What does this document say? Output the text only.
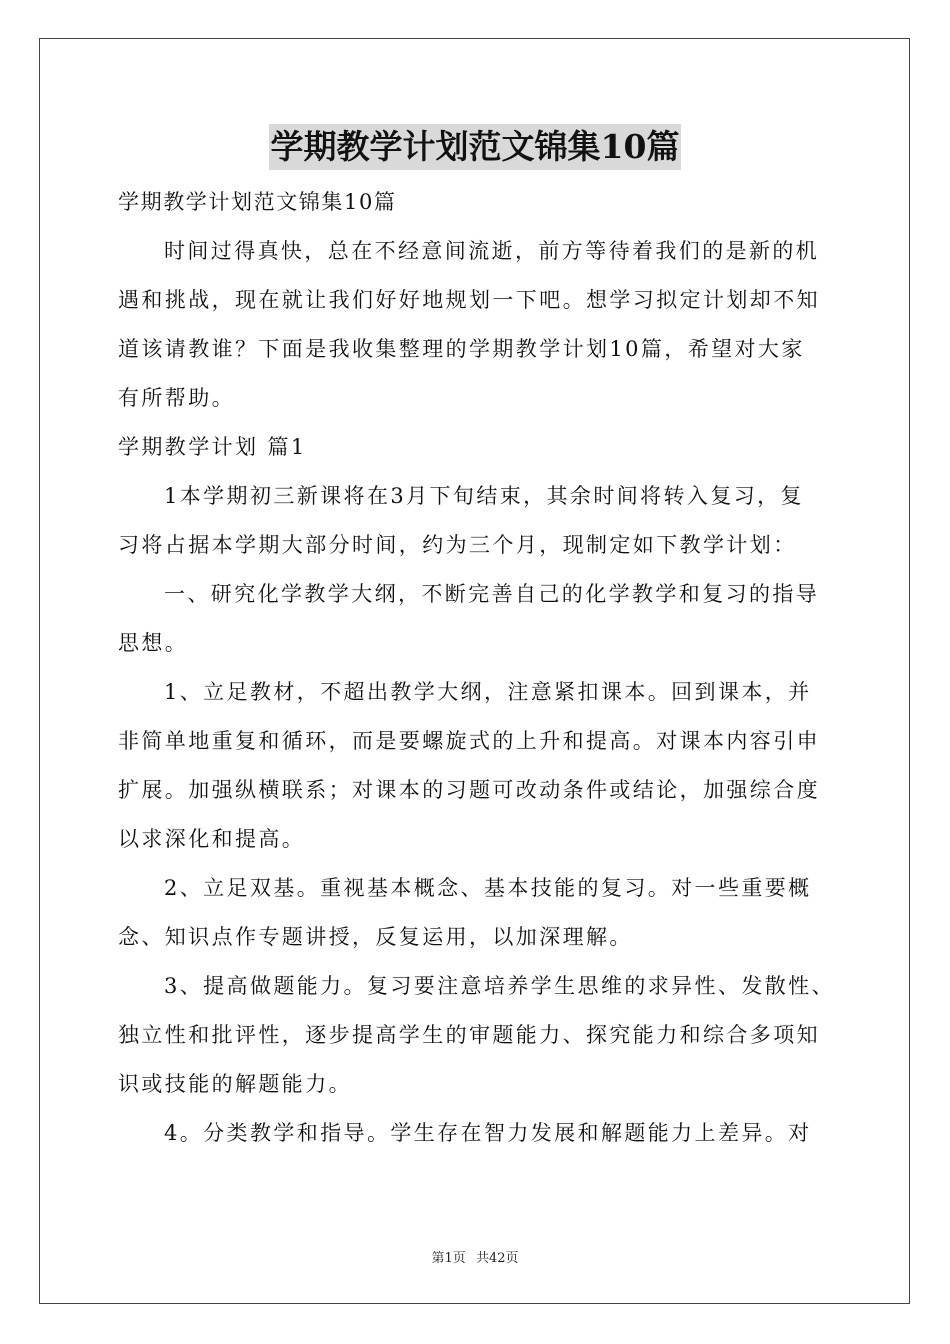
学期教学计划范文锦集10篇
学期教学计划范文锦集10篇
时间过得真快，总在不经意间流逝，前方等待着我们的是新的机
遇和挑战，现在就让我们好好地规划一下吧。想学习拟定计划却不知
道该请教谁？下面是我收集整理的学期教学计划10篇，希望对大家
有所帮助。
学期教学计划 篇1
1本学期初三新课将在3月下旬结束，其余时间将转入复习，复
习将占据本学期大部分时间，约为三个月，现制定如下教学计划：
一、研究化学教学大纲，不断完善自己的化学教学和复习的指导
思想。
1、立足教材，不超出教学大纲，注意紧扣课本。回到课本，并
非简单地重复和循环，而是要螺旋式的上升和提高。对课本内容引申
扩展。加强纵横联系；对课本的习题可改动条件或结论，加强综合度
以求深化和提高。
2、立足双基。重视基本概念、基本技能的复习。对一些重要概
念、知识点作专题讲授，反复运用，以加深理解。
3、提高做题能力。复习要注意培养学生思维的求异性、发散性、
独立性和批评性，逐步提高学生的审题能力、探究能力和综合多项知
识或技能的解题能力。
4。分类教学和指导。学生存在智力发展和解题能力上差异。对
第1页 共42页
